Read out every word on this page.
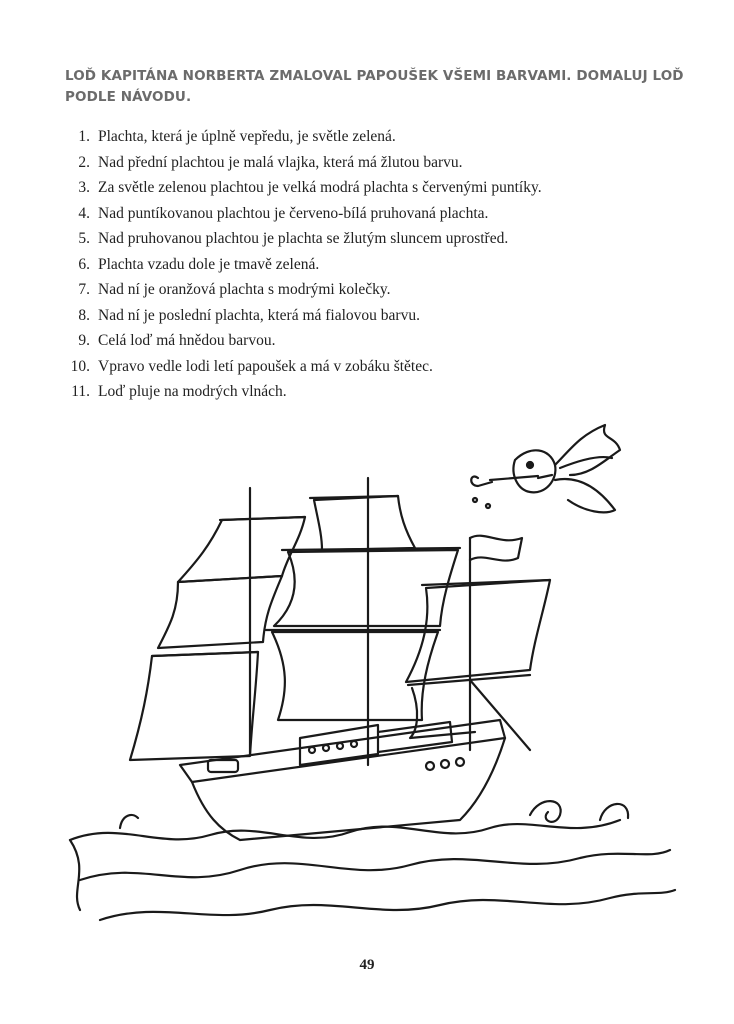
LOĎ KAPITÁNA NORBERTA ZMALOVAL PAPOUŠEK VŠEMI BARVAMI. DOMALUJ LOĎ PODLE NÁVODU.
1. Plachta, která je úplně vepředu, je světle zelená.
2. Nad přední plachtou je malá vlajka, která má žlutou barvu.
3. Za světle zelenou plachtou je velká modrá plachta s červenými puntíky.
4. Nad puntíkovanou plachtou je červeno-bílá pruhovaná plachta.
5. Nad pruhovanou plachtou je plachta se žlutým sluncem uprostřed.
6. Plachta vzadu dole je tmavě zelená.
7. Nad ní je oranžová plachta s modrými kolečky.
8. Nad ní je poslední plachta, která má fialovou barvu.
9. Celá loď má hnědou barvou.
10. Vpravo vedle lodi letí papoušek a má v zobáku štětec.
11. Loď pluje na modrých vlnách.
49
